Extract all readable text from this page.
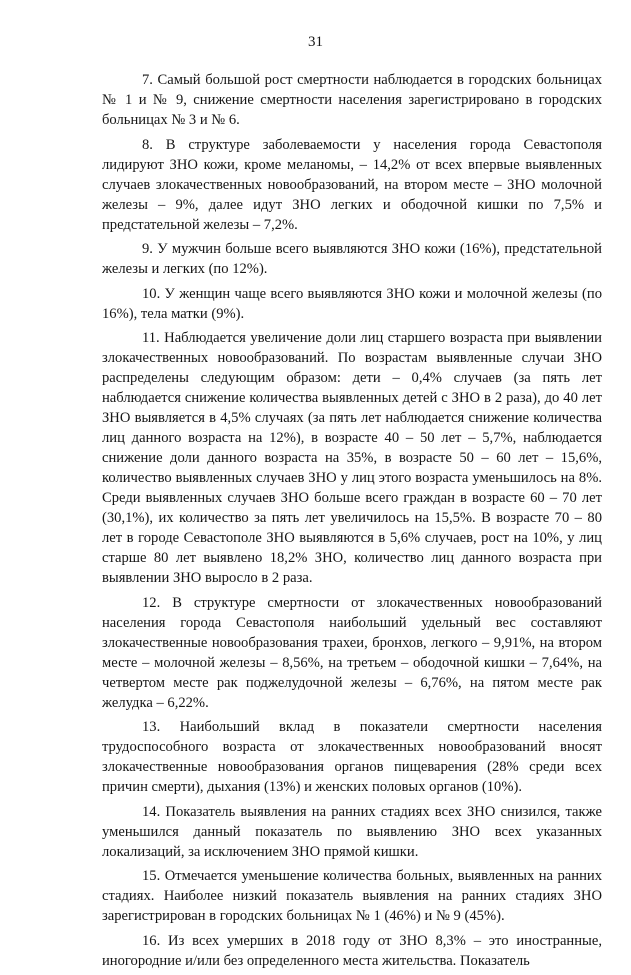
31

7. Самый большой рост смертности наблюдается в городских больницах № 1 и № 9, снижение смертности населения зарегистрировано в городских больницах № 3 и № 6.

8. В структуре заболеваемости у населения города Севастополя лидируют ЗНО кожи, кроме меланомы, – 14,2% от всех впервые выявленных случаев злокачественных новообразований, на втором месте – ЗНО молочной железы – 9%, далее идут ЗНО легких и ободочной кишки по 7,5% и предстательной железы – 7,2%.

9. У мужчин больше всего выявляются ЗНО кожи (16%), предстательной железы и легких (по 12%).

10. У женщин чаще всего выявляются ЗНО кожи и молочной железы (по 16%), тела матки (9%).

11. Наблюдается увеличение доли лиц старшего возраста при выявлении злокачественных новообразований. По возрастам выявленные случаи ЗНО распределены следующим образом: дети – 0,4% случаев (за пять лет наблюдается снижение количества выявленных детей с ЗНО в 2 раза), до 40 лет ЗНО выявляется в 4,5% случаях (за пять лет наблюдается снижение количества лиц данного возраста на 12%), в возрасте 40 – 50 лет – 5,7%, наблюдается снижение доли данного возраста на 35%, в возрасте 50 – 60 лет – 15,6%, количество выявленных случаев ЗНО у лиц этого возраста уменьшилось на 8%. Среди выявленных случаев ЗНО больше всего граждан в возрасте 60 – 70 лет (30,1%), их количество за пять лет увеличилось на 15,5%. В возрасте 70 – 80 лет в городе Севастополе ЗНО выявляются в 5,6% случаев, рост на 10%, у лиц старше 80 лет выявлено 18,2% ЗНО, количество лиц данного возраста при выявлении ЗНО выросло в 2 раза.

12. В структуре смертности от злокачественных новообразований населения города Севастополя наибольший удельный вес составляют злокачественные новообразования трахеи, бронхов, легкого – 9,91%, на втором месте – молочной железы – 8,56%, на третьем – ободочной кишки – 7,64%, на четвертом месте рак поджелудочной железы – 6,76%, на пятом месте рак желудка – 6,22%.

13. Наибольший вклад в показатели смертности населения трудоспособного возраста от злокачественных новообразований вносят злокачественные новообразования органов пищеварения (28% среди всех причин смерти), дыхания (13%) и женских половых органов (10%).

14. Показатель выявления на ранних стадиях всех ЗНО снизился, также уменьшился данный показатель по выявлению ЗНО всех указанных локализаций, за исключением ЗНО прямой кишки.

15. Отмечается уменьшение количества больных, выявленных на ранних стадиях. Наиболее низкий показатель выявления на ранних стадиях ЗНО зарегистрирован в городских больницах № 1 (46%) и № 9 (45%).

16. Из всех умерших в 2018 году от ЗНО 8,3% – это иностранные, иногородние и/или без определенного места жительства. Показатель
